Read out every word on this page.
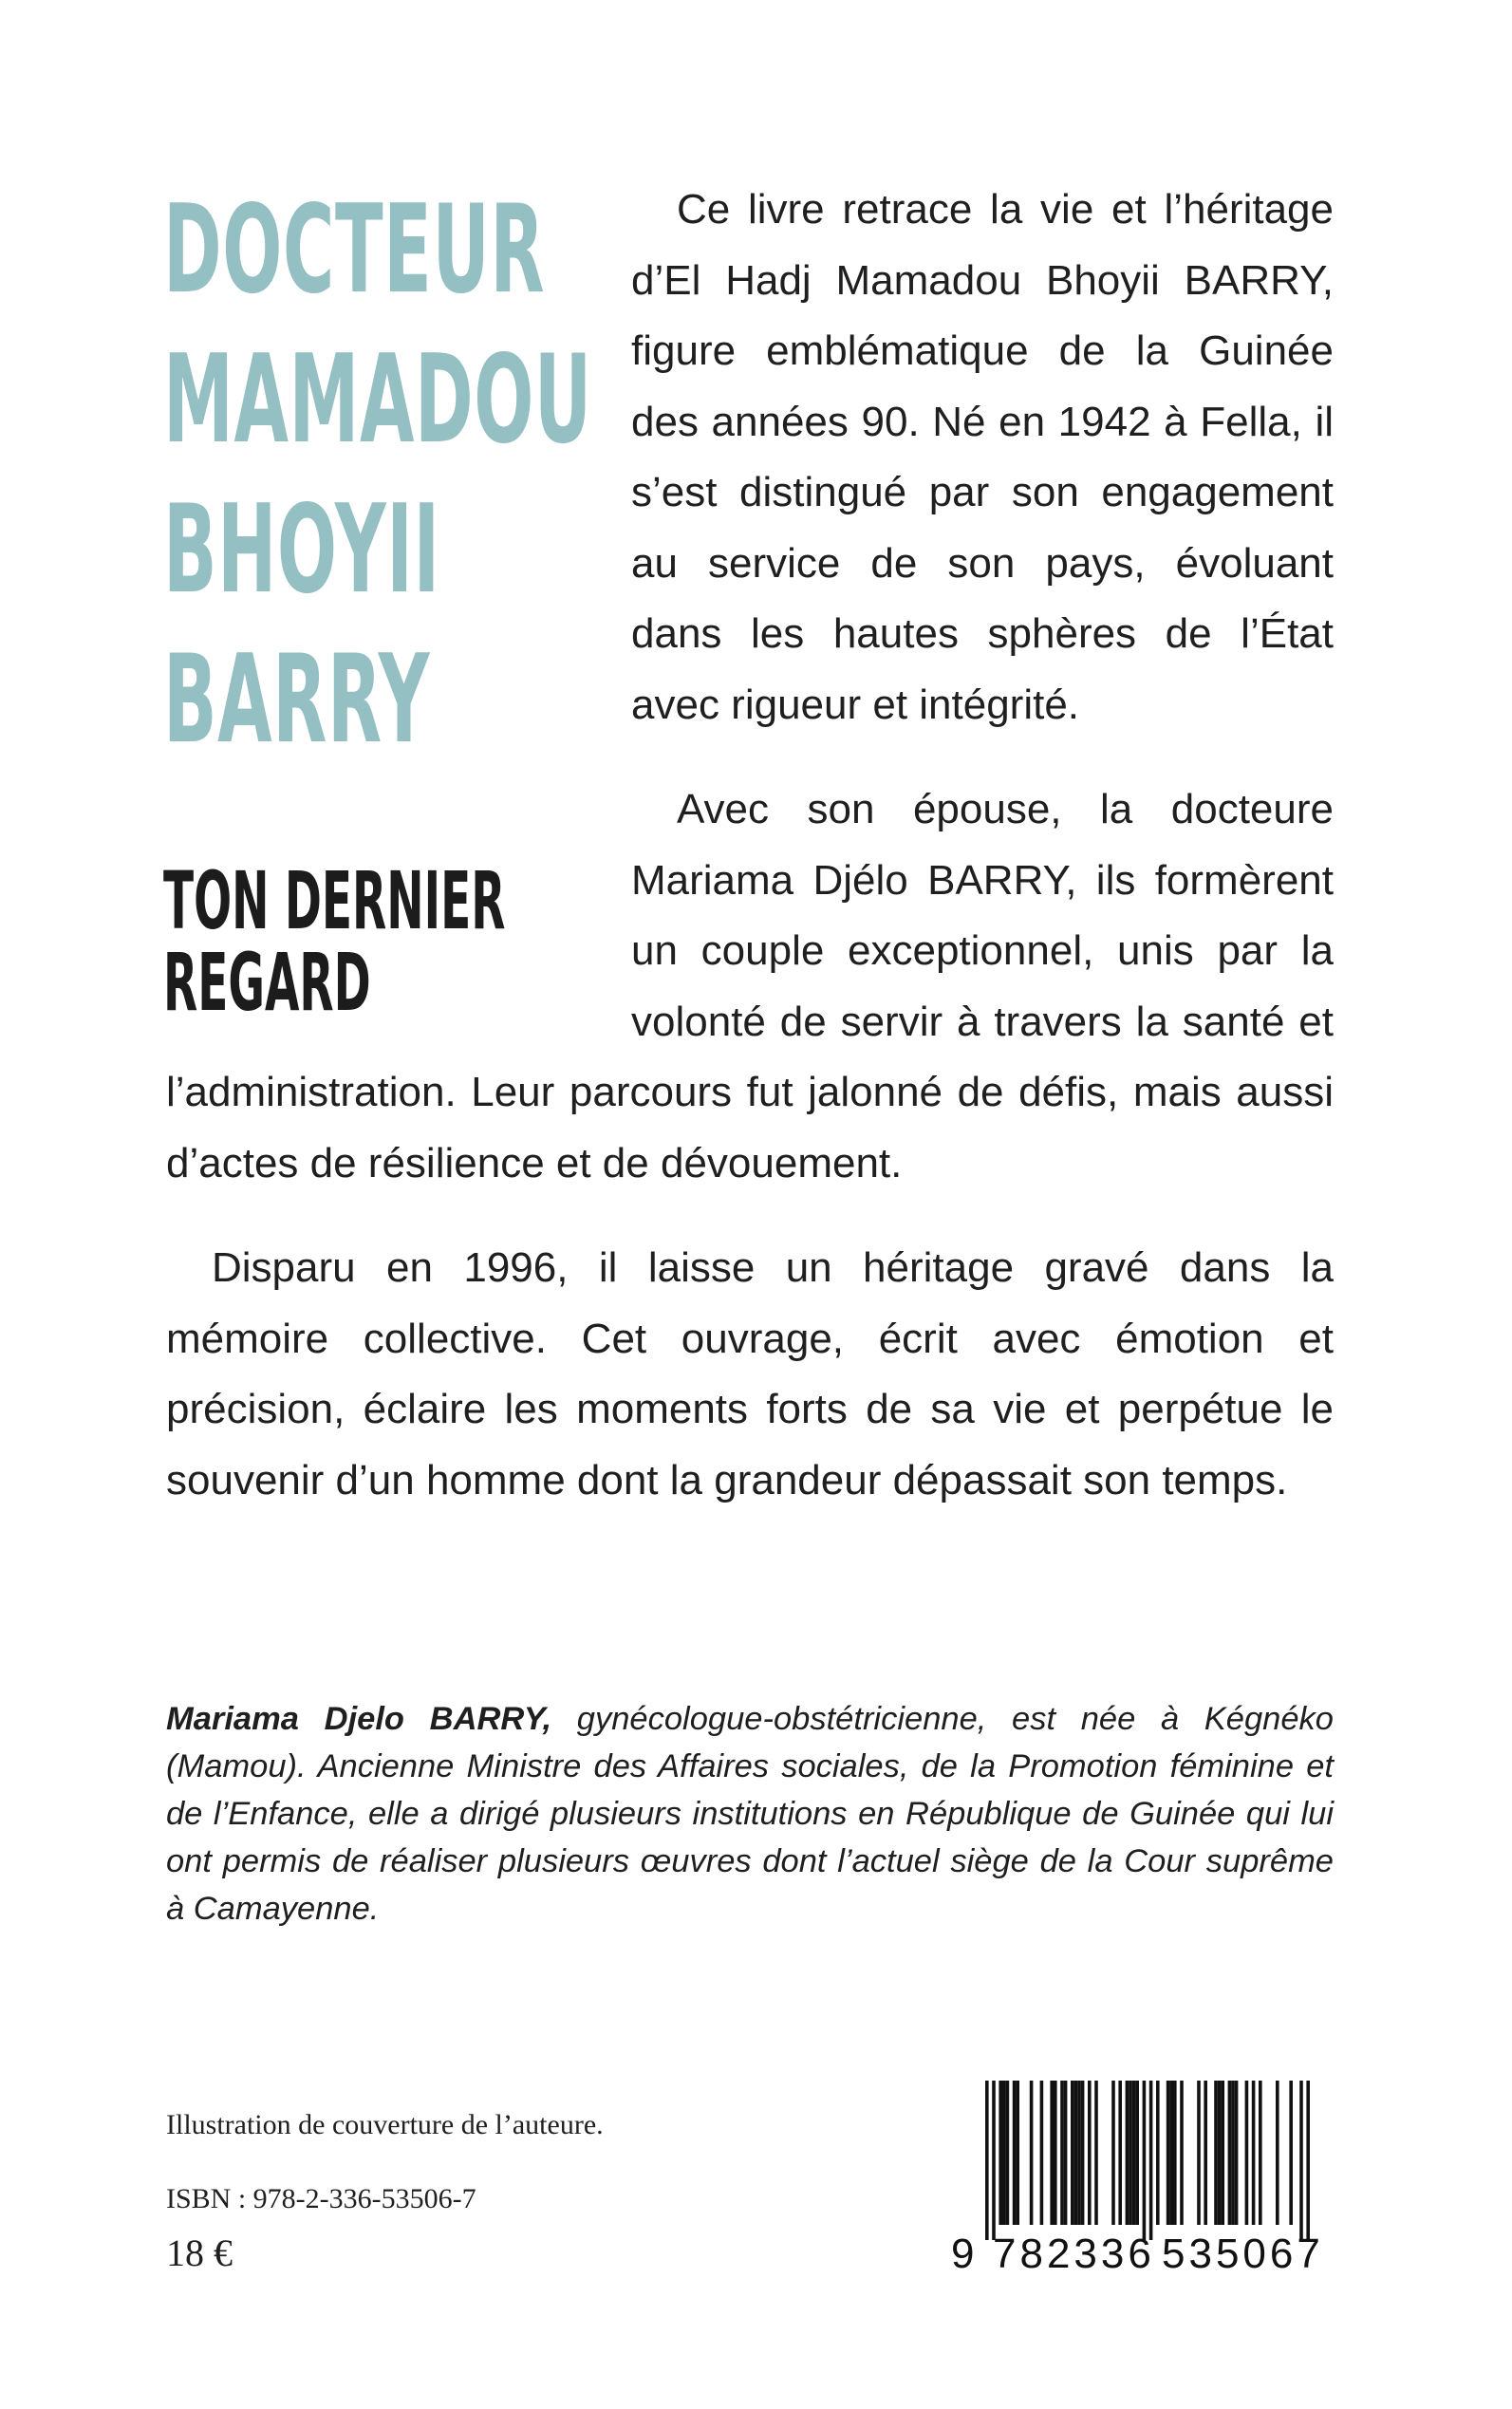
DOCTEUR
MAMADOU
BHOYII
BARRY
TON DERNIER
REGARD

Ce livre retrace la vie et l’héritage d’El Hadj Mamadou Bhoyii BARRY, figure emblématique de la Guinée des années 90. Né en 1942 à Fella, il s’est distingué par son engagement au service de son pays, évoluant dans les hautes sphères de l’État avec rigueur et intégrité.

Avec son épouse, la docteure Mariama Djélo BARRY, ils formèrent un couple exceptionnel, unis par la volonté de servir à travers la santé et l’administration. Leur parcours fut jalonné de défis, mais aussi d’actes de résilience et de dévouement.

Disparu en 1996, il laisse un héritage gravé dans la mémoire collective. Cet ouvrage, écrit avec émotion et précision, éclaire les moments forts de sa vie et perpétue le souvenir d’un homme dont la grandeur dépassait son temps.

Mariama Djelo BARRY, gynécologue-obstétricienne, est née à Kégnéko (Mamou). Ancienne Ministre des Affaires sociales, de la Promotion féminine et de l’Enfance, elle a dirigé plusieurs institutions en République de Guinée qui lui ont permis de réaliser plusieurs œuvres dont l’actuel siège de la Cour suprême à Camayenne.

Illustration de couverture de l’auteure.

ISBN : 978-2-336-53506-7

18 €	9 782336 535067
